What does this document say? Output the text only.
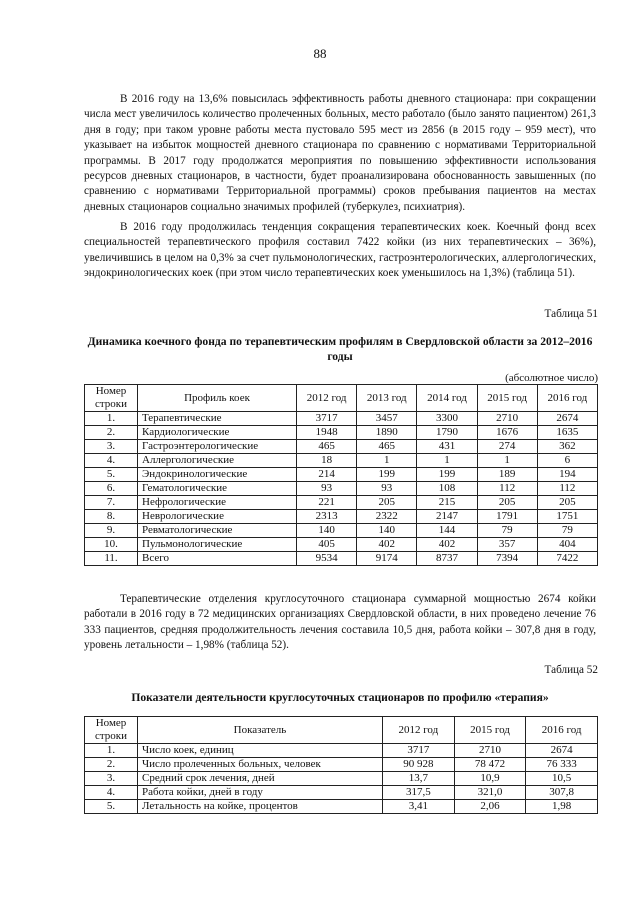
88

В 2016 году на 13,6% повысилась эффективность работы дневного стационара: при сокращении числа мест увеличилось количество пролеченных больных, место работало (было занято пациентом) 261,3 дня в году; при таком уровне работы места пустовало 595 мест из 2856 (в 2015 году – 959 мест), что указывает на избыток мощностей дневного стационара по сравнению с нормативами Территориальной программы. В 2017 году продолжатся мероприятия по повышению эффективности использования ресурсов дневных стационаров, в частности, будет проанализирована обоснованность завышенных (по сравнению с нормативами Территориальной программы) сроков пребывания пациентов на местах дневных стационаров социально значимых профилей (туберкулез, психиатрия).

В 2016 году продолжилась тенденция сокращения терапевтических коек. Коечный фонд всех специальностей терапевтического профиля составил 7422 койки (из них терапевтических – 36%), увеличившись в целом на 0,3% за счет пульмонологических, гастроэнтерологических, аллергологических, эндокринологических коек (при этом число терапевтических коек уменьшилось на 1,3%) (таблица 51).

Таблица 51

Динамика коечного фонда по терапевтическим профилям в Свердловской области за 2012–2016 годы

(абсолютное число)
Номер строки	Профиль коек	2012 год	2013 год	2014 год	2015 год	2016 год
1.	Терапевтические	3717	3457	3300	2710	2674
2.	Кардиологические	1948	1890	1790	1676	1635
3.	Гастроэнтерологические	465	465	431	274	362
4.	Аллергологические	18	1	1	1	6
5.	Эндокринологические	214	199	199	189	194
6.	Гематологические	93	93	108	112	112
7.	Нефрологические	221	205	215	205	205
8.	Неврологические	2313	2322	2147	1791	1751
9.	Ревматологические	140	140	144	79	79
10.	Пульмонологические	405	402	402	357	404
11.	Всего	9534	9174	8737	7394	7422

Терапевтические отделения круглосуточного стационара суммарной мощностью 2674 койки работали в 2016 году в 72 медицинских организациях Свердловской области, в них проведено лечение 76 333 пациентов, средняя продолжительность лечения составила 10,5 дня, работа койки – 307,8 дня в году, уровень летальности – 1,98% (таблица 52).

Таблица 52

Показатели деятельности круглосуточных стационаров по профилю «терапия»

Номер строки	Показатель	2012 год	2015 год	2016 год
1.	Число коек, единиц	3717	2710	2674
2.	Число пролеченных больных, человек	90 928	78 472	76 333
3.	Средний срок лечения, дней	13,7	10,9	10,5
4.	Работа койки, дней в году	317,5	321,0	307,8
5.	Летальность на койке, процентов	3,41	2,06	1,98
